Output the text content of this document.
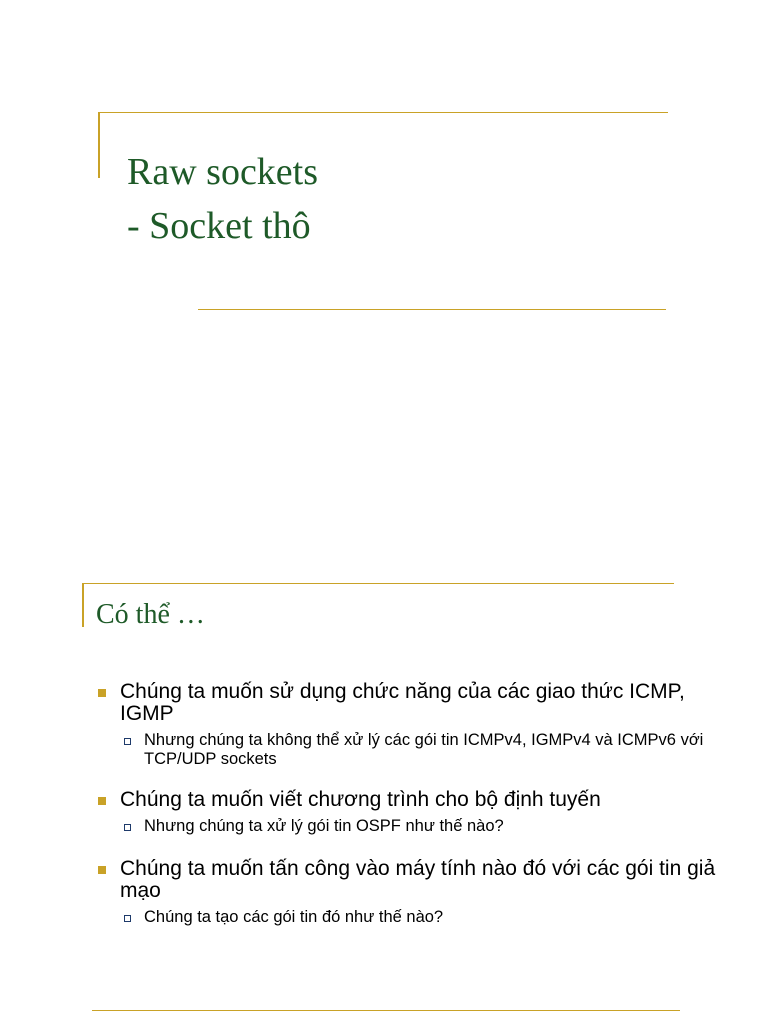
Raw sockets
- Socket thô
Có thể …
Chúng ta muốn sử dụng chức năng của các giao thức ICMP, IGMP
Nhưng chúng ta không thể xử lý các gói tin ICMPv4, IGMPv4 và ICMPv6 với TCP/UDP sockets
Chúng ta muốn viết chương trình cho bộ định tuyến
Nhưng chúng ta xử lý gói tin OSPF như thế nào?
Chúng ta muốn tấn công vào máy tính nào đó với các gói tin giả mạo
Chúng ta tạo các gói tin đó như thế nào?
